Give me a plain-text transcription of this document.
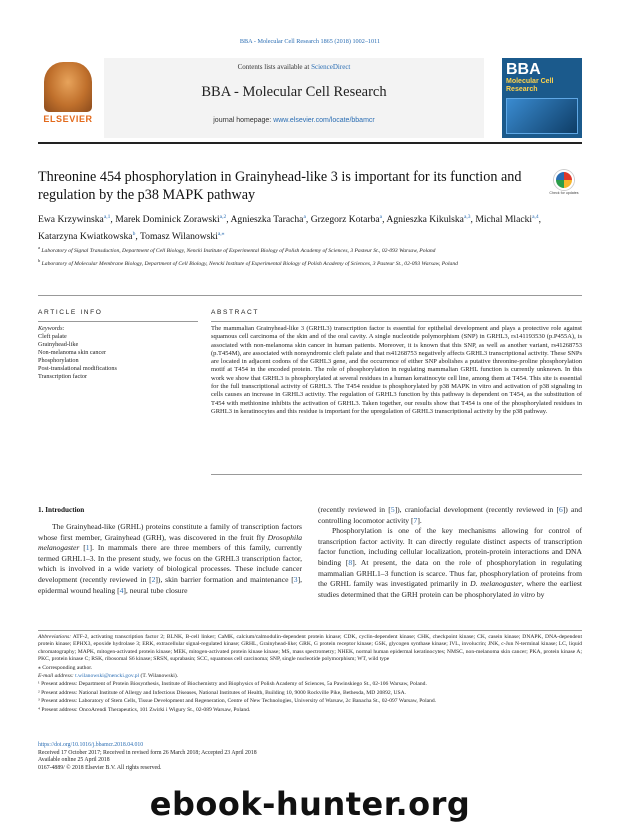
BBA - Molecular Cell Research 1865 (2018) 1002–1011
ELSEVIER
Contents lists available at ScienceDirect
BBA - Molecular Cell Research
journal homepage: www.elsevier.com/locate/bbamcr
BBA
Molecular Cell Research
Threonine 454 phosphorylation in Grainyhead-like 3 is important for its function and regulation by the p38 MAPK pathway	Check for updates
Ewa Krzywinska$^{a,1}$, Marek Dominick Zorawski$^{a,2}$, Agnieszka Taracha$^a$, Grzegorz Kotarba$^a$, Agnieszka Kikulska$^{a,3}$, Michal Mlacki$^{a,4}$, Katarzyna Kwiatkowska$^b$, Tomasz Wilanowski$^{a,⁎}$
$^a$ Laboratory of Signal Transduction, Department of Cell Biology, Nencki Institute of Experimental Biology of Polish Academy of Sciences, 3 Pasteur St., 02-093 Warsaw, Poland
$^b$ Laboratory of Molecular Membrane Biology, Department of Cell Biology, Nencki Institute of Experimental Biology of Polish Academy of Sciences, 3 Pasteur St., 02-093 Warsaw, Poland
ARTICLE INFO	ABSTRACT
Keywords:
Cleft palate
Grainyhead-like
Non-melanoma skin cancer
Phosphorylation
Post-translational modifications
Transcription factor
The mammalian Grainyhead-like 3 (GRHL3) transcription factor is essential for epithelial development and plays a protective role against squamous cell carcinoma of the skin and of the oral cavity. A single nucleotide polymorphism (SNP) in GRHL3, rs141193530 (p.P455A), is associated with non-melanoma skin cancer in human patients. Moreover, it is known that this SNP, as well as another variant, rs41268753 (p.T454M), are associated with nonsyndromic cleft palate and that rs41268753 negatively affects GRHL3 transcriptional activity. These SNPs are located in adjacent codons of the GRHL3 gene, and the occurrence of either SNP abolishes a putative threonine-proline phosphorylation motif at T454 in the encoded protein. The role of phosphorylation in regulating mammalian GRHL function is currently unknown. In this work we show that GRHL3 is phosphorylated at several residues in a human keratinocyte cell line, among them at T454. This site is essential for the full transcriptional activity of GRHL3. The T454 residue is phosphorylated by p38 MAPK in vitro and activation of p38 signaling in cells causes an increase in GRHL3 activity. The regulation of GRHL3 function by this pathway is dependent on T454, as the substitution of T454 with methionine inhibits the activation of GRHL3. Taken together, our results show that T454 is one of the phosphorylated residues in GRHL3 in keratinocytes and this residue is important for the upregulation of GRHL3 transcriptional activity by the p38 pathway.
1. Introduction
The Grainyhead-like (GRHL) proteins constitute a family of transcription factors whose first member, Grainyhead (GRH), was discovered in the fruit fly Drosophila melanogaster [1]. In mammals there are three members of this family, currently termed GRHL1–3. In the present study, we focus on the GRHL3 transcription factor, which is involved in a wide variety of biological processes. These include cancer development (recently reviewed in [2]), skin barrier formation and maintenance [3], epidermal wound healing [4], neural tube closure
(recently reviewed in [5]), craniofacial development (recently reviewed in [6]) and controlling locomotor activity [7].
Phosphorylation is one of the key mechanisms allowing for control of transcription factor activity. It can directly regulate distinct aspects of transcription factor function, including cellular localization, protein-protein interactions and DNA binding [8]. At present, the data on the role of phosphorylation in regulating mammalian GRHL1–3 function is scarce. Thus far, phosphorylation of proteins from the GRHL family was investigated primarily in D. melanogaster, where the earliest studies determined that the GRH protein can be phosphorylated in vitro by
Abbreviations: ATF-2, activating transcription factor 2; BLNK, B-cell linker; CaMK, calcium/calmodulin-dependent protein kinase; CDK, cyclin-dependent kinase; CHK, checkpoint kinase; CK, casein kinase; DNAPK, DNA-dependent protein kinase; EPHX3, epoxide hydrolase 3; ERK, extracellular signal-regulated kinase; GRHL, Grainyhead-like; GRK, G protein receptor kinase; GSK, glycogen synthase kinase; IVL, involucrin; JNK, c-Jun N-terminal kinase; LC, liquid chromatography; MAPK, mitogen-activated protein kinase; MEK, mitogen-activated protein kinase kinase; MS, mass spectrometry; NHEK, normal human epidermal keratinocytes; NMSC, non-melanoma skin cancer; PKA, protein kinase A; PKC, protein kinase C; RSK, ribosomal S6 kinase; SRSN, suprabasin; SCC, squamous cell carcinoma; SNP, single nucleotide polymorphism; WT, wild type
⁎ Corresponding author.
E-mail address: t.wilanowski@nencki.gov.pl (T. Wilanowski).
¹ Present address: Department of Protein Biosynthesis, Institute of Biochemistry and Biophysics of Polish Academy of Sciences, 5a Pawinskiego St., 02-106 Warsaw, Poland.
² Present address: National Institute of Allergy and Infectious Diseases, National Institutes of Health, Building 10, 9000 Rockville Pike, Bethesda, MD 20892, USA.
³ Present address: Laboratory of Stem Cells, Tissue Development and Regeneration, Centre of New Technologies, University of Warsaw, 2c Banacha St., 02-097 Warsaw, Poland.
⁴ Present address: OncoArendi Therapeutics, 101 Zwirki i Wigury St., 02-089 Warsaw, Poland.
https://doi.org/10.1016/j.bbamcr.2018.04.010
Received 17 October 2017; Received in revised form 26 March 2018; Accepted 23 April 2018
Available online 25 April 2018
0167-4889/ © 2018 Elsevier B.V. All rights reserved.
ebook-hunter.org
